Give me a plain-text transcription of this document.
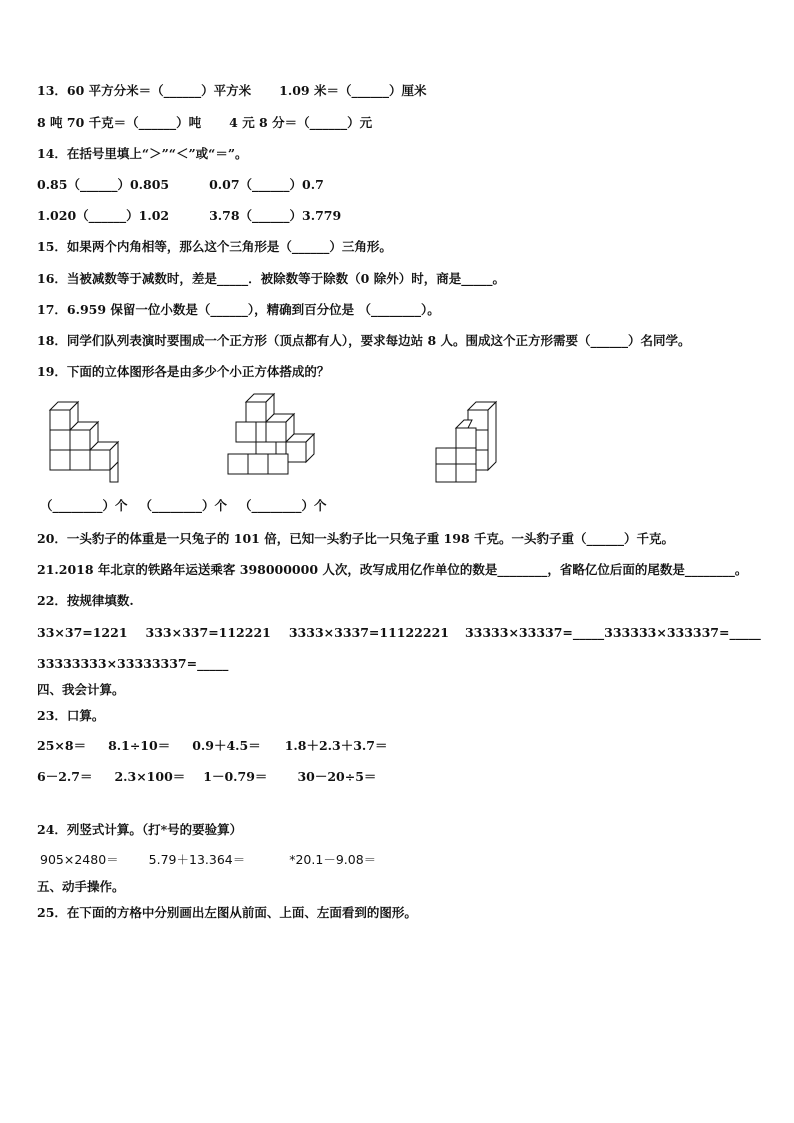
13．60 平方分米＝（______）平方米 1.09 米＝（______）厘米
8 吨 70 千克＝（______）吨 4 元 8 分＝（______）元
14．在括号里填上“＞”“＜”或“＝”。
0.85（______）0.805	0.07（______）0.7
1.020（______）1.02	3.78（______）3.779
15．如果两个内角相等，那么这个三角形是（______）三角形。
16．当被减数等于减数时，差是_____．被除数等于除数（0 除外）时，商是_____。
17．6.959 保留一位小数是（______），精确到百分位是 （________）。
18．同学们队列表演时要围成一个正方形（顶点都有人），要求每边站 8 人。围成这个正方形需要（______）名同学。
19．下面的立体图形各是由多少个小正方体搭成的？
（________）个 （________）个 （________）个
20．一头豹子的体重是一只兔子的 101 倍，已知一头豹子比一只兔子重 198 千克。一头豹子重（______）千克。
21.2018 年北京的铁路年运送乘客 398000000 人次，改写成用亿作单位的数是________，省略亿位后面的尾数是________。
22．按规律填数.
33×37=1221 333×337=112221 3333×3337=11122221 33333×33337=_____333333×333337=_____
33333333×33333337=_____
四、我会计算。
23．口算。
25×8＝ 8.1÷10＝ 0.9＋4.5＝ 1.8＋2.3＋3.7＝
6－2.7＝ 2.3×100＝ 1－0.79＝ 30－20÷5＝
24．列竖式计算。（打*号的要验算）
905×2480＝ 5.79＋13.364＝	*20.1－9.08＝
五、动手操作。
25．在下面的方格中分别画出左图从前面、上面、左面看到的图形。
